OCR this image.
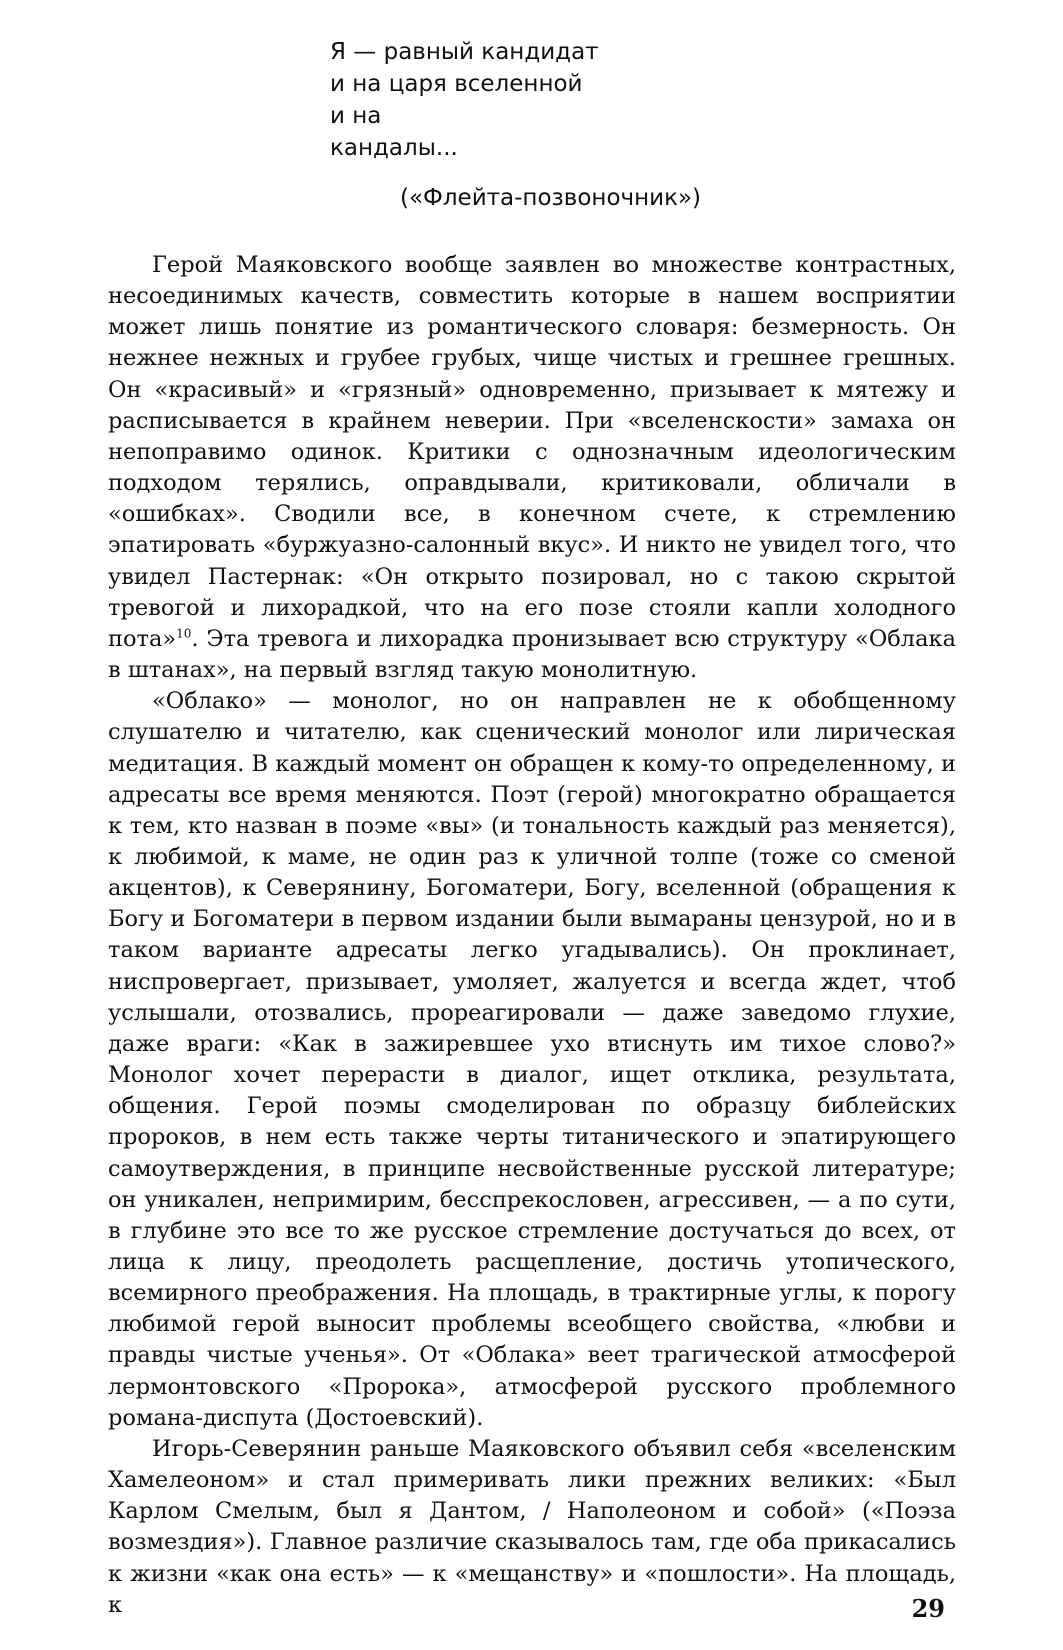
Я — равный кандидат
и на царя вселенной
и на
кандалы...
(«Флейта-позвоночник»)

Герой Маяковского вообще заявлен во множестве контрастных, несоединимых качеств, совместить которые в нашем восприятии может лишь понятие из романтического словаря: безмерность. Он нежнее нежных и грубее грубых, чище чистых и грешнее грешных. Он «красивый» и «грязный» одновременно, призывает к мятежу и расписывается в крайнем неверии. При «вселенскости» замаха он непоправимо одинок. Критики с однозначным идеологическим подходом терялись, оправдывали, критиковали, обличали в «ошибках». Сводили все, в конечном счете, к стремлению эпатировать «буржуазно-салонный вкус». И никто не увидел того, что увидел Пастернак: «Он открыто позировал, но с такою скрытой тревогой и лихорадкой, что на его позе стояли капли холодного пота»$^{10}$. Эта тревога и лихорадка пронизывает всю структуру «Облака в штанах», на первый взгляд такую монолитную.

«Облако» — монолог, но он направлен не к обобщенному слушателю и читателю, как сценический монолог или лирическая медитация. В каждый момент он обращен к кому-то определенному, и адресаты все время меняются. Поэт (герой) многократно обращается к тем, кто назван в поэме «вы» (и тональность каждый раз меняется), к любимой, к маме, не один раз к уличной толпе (тоже со сменой акцентов), к Северянину, Богоматери, Богу, вселенной (обращения к Богу и Богоматери в первом издании были вымараны цензурой, но и в таком варианте адресаты легко угадывались). Он проклинает, ниспровергает, призывает, умоляет, жалуется и всегда ждет, чтоб услышали, отозвались, прореагировали — даже заведомо глухие, даже враги: «Как в зажиревшее ухо втиснуть им тихое слово?» Монолог хочет перерасти в диалог, ищет отклика, результата, общения. Герой поэмы смоделирован по образцу библейских пророков, в нем есть также черты титанического и эпатирующего самоутверждения, в принципе несвойственные русской литературе; он уникален, непримирим, бесспрекословен, агрессивен, — а по сути, в глубине это все то же русское стремление достучаться до всех, от лица к лицу, преодолеть расщепление, достичь утопического, всемирного преображения. На площадь, в трактирные углы, к порогу любимой герой выносит проблемы всеобщего свойства, «любви и правды чистые ученья». От «Облака» веет трагической атмосферой лермонтовского «Пророка», атмосферой русского проблемного романа-диспута (Достоевский).

Игорь-Северянин раньше Маяковского объявил себя «вселенским Хамелеоном» и стал примеривать лики прежних великих: «Был Карлом Смелым, был я Дантом, / Наполеоном и собой» («Поэза возмездия»). Главное различие сказывалось там, где оба прикасались к жизни «как она есть» — к «мещанству» и «пошлости». На площадь, к	29
